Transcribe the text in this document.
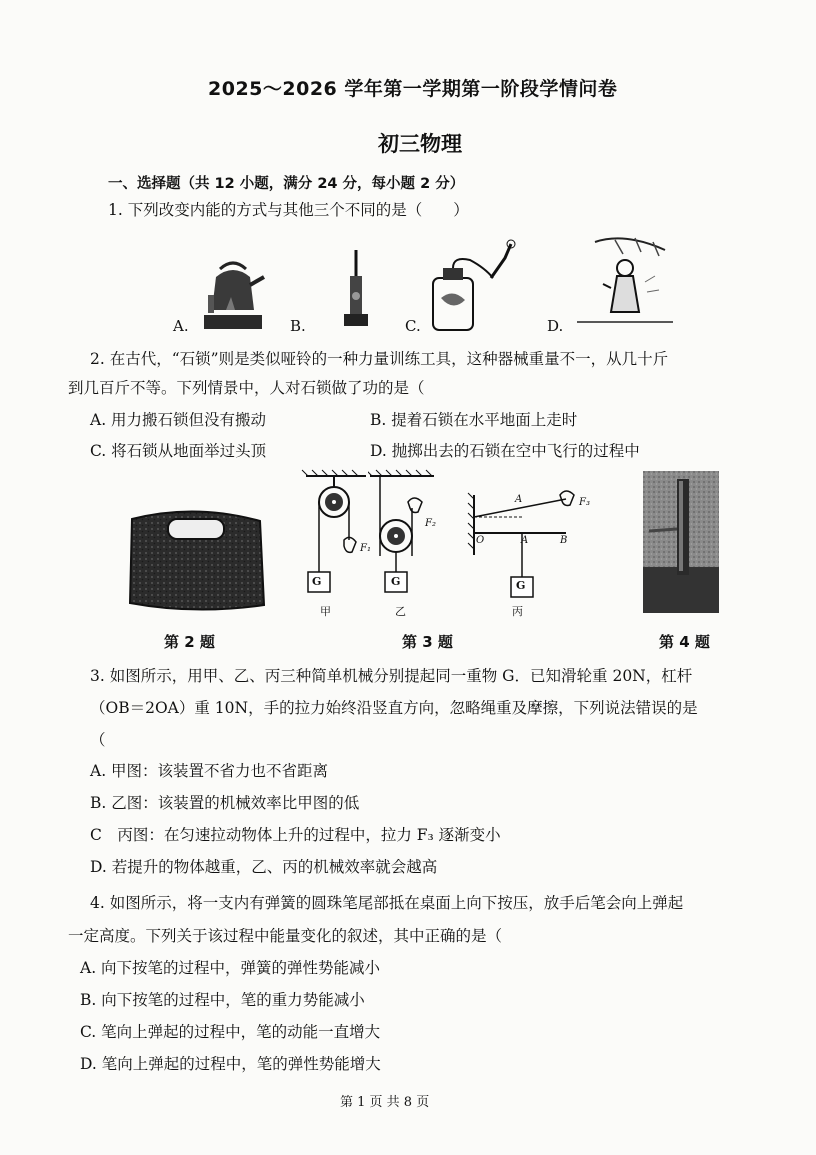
2025～2026 学年第一学期第一阶段学情问卷
初三物理
一、选择题（共 12 小题，满分 24 分，每小题 2 分）
1. 下列改变内能的方式与其他三个不同的是（　　）
A.	B.	C.	D.
2. 在古代，“石锁”则是类似哑铃的一种力量训练工具，这种器械重量不一，从几十斤
到几百斤不等。下列情景中，人对石锁做了功的是（
A. 用力搬石锁但没有搬动	B. 提着石锁在水平地面上走时
C. 将石锁从地面举过头顶	D. 抛掷出去的石锁在空中飞行的过程中
G
F₁
甲
G
F₂
乙
O
A
A	B
F₃
G
丙
第 2 题	第 3 题	第 4 题
3. 如图所示，用甲、乙、丙三种简单机械分别提起同一重物 G．已知滑轮重 20N，杠杆
（OB＝2OA）重 10N，手的拉力始终沿竖直方向，忽略绳重及摩擦，下列说法错误的是
（
A. 甲图：该装置不省力也不省距离
B. 乙图：该装置的机械效率比甲图的低
C　丙图：在匀速拉动物体上升的过程中，拉力 F₃ 逐渐变小
D. 若提升的物体越重，乙、丙的机械效率就会越高
4. 如图所示，将一支内有弹簧的圆珠笔尾部抵在桌面上向下按压，放手后笔会向上弹起
一定高度。下列关于该过程中能量变化的叙述，其中正确的是（
A. 向下按笔的过程中，弹簧的弹性势能减小
B. 向下按笔的过程中，笔的重力势能减小
C. 笔向上弹起的过程中，笔的动能一直增大
D. 笔向上弹起的过程中，笔的弹性势能增大
第 1 页 共 8 页
